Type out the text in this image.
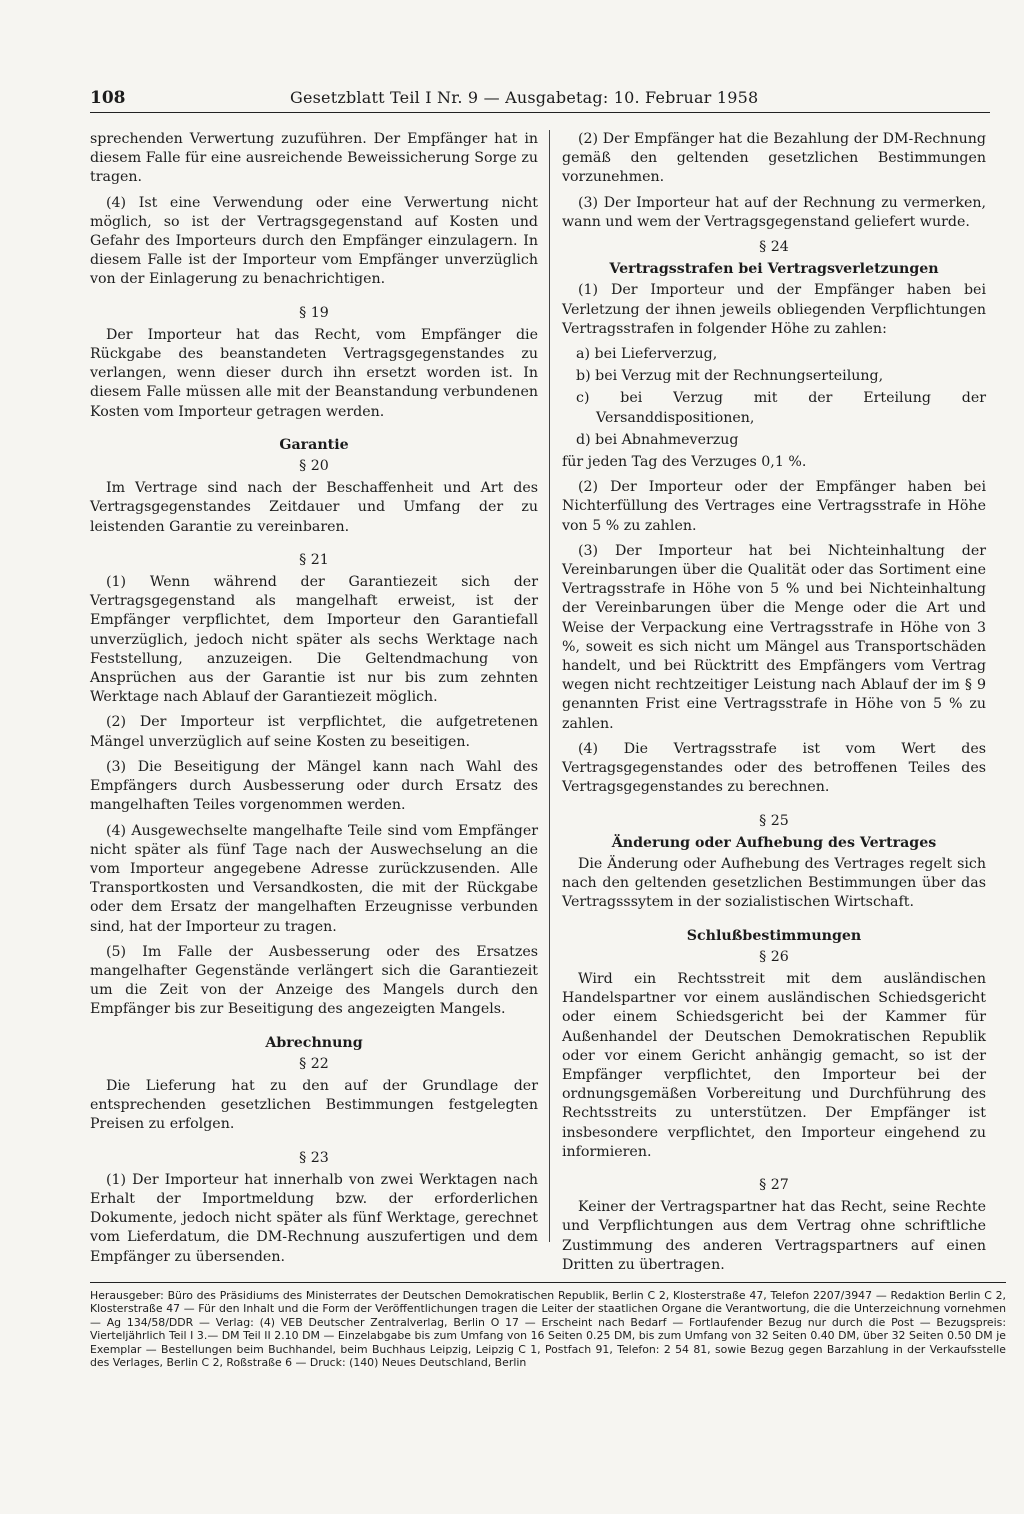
108	Gesetzblatt Teil I Nr. 9 — Ausgabetag: 10. Februar 1958

sprechenden Verwertung zuzuführen. Der Empfänger hat in diesem Falle für eine ausreichende Beweissicherung Sorge zu tragen.

(4) Ist eine Verwendung oder eine Verwertung nicht möglich, so ist der Vertragsgegenstand auf Kosten und Gefahr des Importeurs durch den Empfänger einzulagern. In diesem Falle ist der Importeur vom Empfänger unverzüglich von der Einlagerung zu benachrichtigen.

§ 19

Der Importeur hat das Recht, vom Empfänger die Rückgabe des beanstandeten Vertragsgegenstandes zu verlangen, wenn dieser durch ihn ersetzt worden ist. In diesem Falle müssen alle mit der Beanstandung verbundenen Kosten vom Importeur getragen werden.

Garantie
§ 20

Im Vertrage sind nach der Beschaffenheit und Art des Vertragsgegenstandes Zeitdauer und Umfang der zu leistenden Garantie zu vereinbaren.

§ 21

(1) Wenn während der Garantiezeit sich der Vertragsgegenstand als mangelhaft erweist, ist der Empfänger verpflichtet, dem Importeur den Garantiefall unverzüglich, jedoch nicht später als sechs Werktage nach Feststellung, anzuzeigen. Die Geltendmachung von Ansprüchen aus der Garantie ist nur bis zum zehnten Werktage nach Ablauf der Garantiezeit möglich.

(2) Der Importeur ist verpflichtet, die aufgetretenen Mängel unverzüglich auf seine Kosten zu beseitigen.

(3) Die Beseitigung der Mängel kann nach Wahl des Empfängers durch Ausbesserung oder durch Ersatz des mangelhaften Teiles vorgenommen werden.

(4) Ausgewechselte mangelhafte Teile sind vom Empfänger nicht später als fünf Tage nach der Auswechselung an die vom Importeur angegebene Adresse zurückzusenden. Alle Transportkosten und Versandkosten, die mit der Rückgabe oder dem Ersatz der mangelhaften Erzeugnisse verbunden sind, hat der Importeur zu tragen.

(5) Im Falle der Ausbesserung oder des Ersatzes mangelhafter Gegenstände verlängert sich die Garantiezeit um die Zeit von der Anzeige des Mangels durch den Empfänger bis zur Beseitigung des angezeigten Mangels.

Abrechnung
§ 22

Die Lieferung hat zu den auf der Grundlage der entsprechenden gesetzlichen Bestimmungen festgelegten Preisen zu erfolgen.

§ 23

(1) Der Importeur hat innerhalb von zwei Werktagen nach Erhalt der Importmeldung bzw. der erforderlichen Dokumente, jedoch nicht später als fünf Werktage, gerechnet vom Lieferdatum, die DM-Rechnung auszufertigen und dem Empfänger zu übersenden.

(2) Der Empfänger hat die Bezahlung der DM-Rechnung gemäß den geltenden gesetzlichen Bestimmungen vorzunehmen.

(3) Der Importeur hat auf der Rechnung zu vermerken, wann und wem der Vertragsgegenstand geliefert wurde.

§ 24
Vertragsstrafen bei Vertragsverletzungen

(1) Der Importeur und der Empfänger haben bei Verletzung der ihnen jeweils obliegenden Verpflichtungen Vertragsstrafen in folgender Höhe zu zahlen:

a) bei Lieferverzug,
b) bei Verzug mit der Rechnungserteilung,
c) bei Verzug mit der Erteilung der Versanddispositionen,
d) bei Abnahmeverzug

für jeden Tag des Verzuges 0,1 %.

(2) Der Importeur oder der Empfänger haben bei Nichterfüllung des Vertrages eine Vertragsstrafe in Höhe von 5 % zu zahlen.

(3) Der Importeur hat bei Nichteinhaltung der Vereinbarungen über die Qualität oder das Sortiment eine Vertragsstrafe in Höhe von 5 % und bei Nichteinhaltung der Vereinbarungen über die Menge oder die Art und Weise der Verpackung eine Vertragsstrafe in Höhe von 3 %, soweit es sich nicht um Mängel aus Transportschäden handelt, und bei Rücktritt des Empfängers vom Vertrag wegen nicht rechtzeitiger Leistung nach Ablauf der im § 9 genannten Frist eine Vertragsstrafe in Höhe von 5 % zu zahlen.

(4) Die Vertragsstrafe ist vom Wert des Vertragsgegenstandes oder des betroffenen Teiles des Vertragsgegenstandes zu berechnen.

§ 25
Änderung oder Aufhebung des Vertrages

Die Änderung oder Aufhebung des Vertrages regelt sich nach den geltenden gesetzlichen Bestimmungen über das Vertragsssytem in der sozialistischen Wirtschaft.

Schlußbestimmungen
§ 26

Wird ein Rechtsstreit mit dem ausländischen Handelspartner vor einem ausländischen Schiedsgericht oder einem Schiedsgericht bei der Kammer für Außenhandel der Deutschen Demokratischen Republik oder vor einem Gericht anhängig gemacht, so ist der Empfänger verpflichtet, den Importeur bei der ordnungsgemäßen Vorbereitung und Durchführung des Rechtsstreits zu unterstützen. Der Empfänger ist insbesondere verpflichtet, den Importeur eingehend zu informieren.

§ 27

Keiner der Vertragspartner hat das Recht, seine Rechte und Verpflichtungen aus dem Vertrag ohne schriftliche Zustimmung des anderen Vertragspartners auf einen Dritten zu übertragen.

Herausgeber: Büro des Präsidiums des Ministerrates der Deutschen Demokratischen Republik, Berlin C 2, Klosterstraße 47, Telefon 2207/3947 — Redaktion Berlin C 2, Klosterstraße 47 — Für den Inhalt und die Form der Veröffentlichungen tragen die Leiter der staatlichen Organe die Verantwortung, die die Unterzeichnung vornehmen — Ag 134/58/DDR — Verlag: (4) VEB Deutscher Zentralverlag, Berlin O 17 — Erscheint nach Bedarf — Fortlaufender Bezug nur durch die Post — Bezugspreis: Vierteljährlich Teil I 3.— DM Teil II 2.10 DM — Einzelabgabe bis zum Umfang von 16 Seiten 0.25 DM, bis zum Umfang von 32 Seiten 0.40 DM, über 32 Seiten 0.50 DM je Exemplar — Bestellungen beim Buchhandel, beim Buchhaus Leipzig, Leipzig C 1, Postfach 91, Telefon: 2 54 81, sowie Bezug gegen Barzahlung in der Verkaufsstelle des Verlages, Berlin C 2, Roßstraße 6 — Druck: (140) Neues Deutschland, Berlin
